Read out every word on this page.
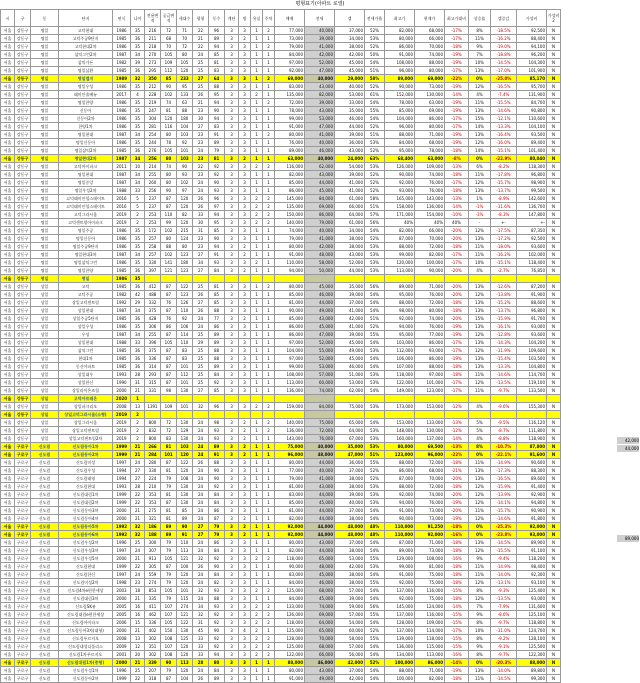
평형표기(아파트 로열)
시	구	동	단지	연식	나이	전용면적	공급면적	세대수	평형	동수	계단	방	욕실	주차	매매	전세	갭	전세가율	최고가	현재가	최고가대비	상승률	갭증감	가성비	가성비2
서울	강동구	명일	고덕현대	1986	35	216	72	71	22	96	3	3	1	2	77,000	40,000	37,000	52%	82,000	68,000	-17%	8%	-18.5%	92,500	N
서울	강동구	명일	고덕주공9단지	1985	36	211	68	70	21	89	3	2	1	1	73,000	39,000	34,000	53%	80,000	66,000	-17%	11%	-16.2%	88,400	N
서울	강동구	명일	고덕현대2차	1986	35	218	70	72	22	94	3	3	1	2	79,000	41,000	38,000	52%	86,000	70,000	-18%	9%	-19.0%	94,100	N
서울	강동구	명일	삼익그린2차	1987	34	270	105	80	24	85	3	3	1	1	84,000	42,000	42,000	50%	91,000	74,000	-19%	7%	-18.8%	96,200	N
서울	강동구	명일	삼익가든	1982	39	273	109	105	25	81	3	3	1	1	97,000	52,000	45,000	54%	108,000	88,000	-19%	10%	-14.5%	104,300	N
서울	강동구	명일	명일삼환	1985	36	295	112	120	25	83	3	3	1	1	92,000	47,000	45,000	51%	96,000	80,000	-17%	13%	-17.0%	101,900	N
서울	강동구	명일	명일엘지	1989	32	350	85	233	27	64	3	3	1	2	69,000	40,000	29,000	58%	89,000	69,000	-22%	0%	-25.0%	85,170	N
서울	강동구	명일	명일우성	1986	35	212	90	95	25	88	3	3	1	1	83,000	43,000	40,000	52%	90,000	73,000	-19%	12%	-16.5%	95,700	N
서울	강동구	명일	래미안솔베뉴	2017	4	228	102	133	26	95	3	3	2	1	135,000	82,000	53,000	61%	152,000	130,000	-14%	4%	-7.4%	131,900	N
서울	강동구	명일	명일한양	1986	35	219	74	63	21	94	3	3	1	2	72,000	39,000	33,000	54%	78,000	63,000	-19%	11%	-15.5%	84,700	N
서울	강동구	명일	신동아	1986	35	247	81	88	23	90	3	3	1	1	78,000	43,000	35,000	55%	85,000	69,000	-19%	13%	-14.6%	90,800	N
서울	강동구	명일	신동아2차	1986	35	304	120	180	30	94	3	3	1	1	99,000	53,000	46,000	54%	104,000	86,000	-17%	15%	-12.1%	110,600	N
서울	강동구	명일	한양1차	1986	35	281	116	104	27	83	3	3	1	1	91,000	47,000	44,000	52%	96,000	80,000	-17%	14%	-13.3%	104,100	N
서울	강동구	명일	명일현대	1987	34	254	80	103	23	91	3	3	1	2	80,000	41,000	39,000	51%	88,000	71,000	-19%	13%	-16.4%	93,500	N
서울	강동구	명일	명일신동아	1986	35	244	78	92	23	89	3	3	1	1	76,000	40,000	36,000	53%	84,000	68,000	-19%	12%	-16.0%	89,400	N
서울	강동구	명일	명일삼익2차	1985	36	276	105	101	24	79	3	3	1	1	89,000	46,000	43,000	52%	95,000	78,000	-18%	14%	-15.1%	101,400	N
서울	강동구	명일	명일현대2차	1987	34	256	80	103	23	81	3	2	1	1	63,000	40,000	24,000	63%	68,400	63,000	-8%	0%	-22.9%	80,040	N
서울	강동구	명일	고덕아이파크	2011	10	214	74	90	22	92	3	3	2	2	116,000	62,000	54,000	53%	126,000	109,000	-13%	6%	-8.2%	118,300	N
서울	강동구	명일	명일현대	1987	34	255	80	93	23	92	3	3	1	1	82,000	43,000	39,000	52%	90,000	74,000	-18%	11%	-17.8%	96,800	N
서울	강동구	명일	명일중앙	1987	34	260	80	102	24	90	3	3	1	1	85,000	44,000	41,000	52%	92,000	76,000	-17%	12%	-15.7%	98,900	N
서울	강동구	명일	명일우성2차	1988	33	256	90	97	24	93	3	3	1	1	86,000	45,000	41,000	52%	93,000	76,000	-18%	13%	-13.7%	99,500	N
서울	강동구	명일	고덕래미안힐스테이트	2016	5	237	87	120	26	96	3	3	2	2	145,000	84,000	61,000	58%	165,000	143,000	-13%	1%	-8.9%	142,600	N
서울	강동구	명일	고덕래미안힐스테이트	2016	5	237	87	120	26	97	3	3	2	2	135,000	69,000	66,000	51%	158,000	136,000	-14%	-1%	-11.6%	136,700	N
서울	강동구	명일	고덕그라시움	2019	2	253	110	82	33	94	3	3	2	2	150,000	86,000	64,000	57%	171,000	154,000	-10%	-3%	-8.3%	147,800	N
서울	강동구	명일	고덕센트럴아이파크	2019	2	253	99	120	30	95	3	3	2	2	140,000	79,000	61,000	56%	40%	40%	40%	-	+-	+-	N
서울	강동구	명일	명일주공	1986	35	172	102	215	31	85	3	3	1	1	74,000	40,000	34,000	54%	82,000	66,000	-20%	12%	-17.5%	87,350	N
서울	강동구	명일	명일신동아	1986	35	257	80	124	23	90	3	3	1	1	79,000	41,000	38,000	52%	87,000	70,000	-20%	13%	-17.2%	92,500	N
서울	강동구	명일	명일주공9단지	1986	35	258	88	80	23	94	3	2	1	1	80,000	42,000	38,000	53%	88,000	72,000	-18%	11%	-18.0%	93,600	N
서울	강동구	명일	명일현대3차	1987	34	257	102	123	27	91	3	2	1	1	91,000	48,000	43,000	53%	99,000	82,000	-17%	11%	-16.2%	102,000	N
서울	강동구	명일	명일삼익그린	1986	35	330	141	180	34	93	3	3	2	1	110,000	58,000	52,000	53%	120,000	100,000	-17%	10%	-15.1%	118,400	N
서울	강동구	명일	명일한양	1985	36	397	121	123	27	84	3	2	1	1	94,000	50,000	44,000	53%	113,000	90,000	-20%	4%	-2.7%	76,850	N
서울	강동구	명일	명일	1986	35																				
서울	강동구	상일	고덕	1985	36	412	87	122	25	81	3	3	1	2	80,000	45,000	35,000	56%	89,000	71,000	-20%	13%	-12.6%	87,200	N
서울	강동구	상일	고덕주공	1982	42	488	87	123	26	85	3	3	1	1	85,000	46,000	39,000	54%	95,000	76,000	-20%	12%	-13.8%	91,900	N
서울	강동구	상일	상일고덕센트럴	1992	29	332	76	126	27	85	3	3	1	1	81,000	44,000	37,000	54%	88,000	72,000	-18%	13%	-15.2%	88,600	N
서울	강동구	상일	상일현대	1987	34	375	87	110	26	88	3	3	1	1	90,000	49,000	41,000	54%	98,000	80,000	-18%	13%	-13.7%	96,800	N
서울	강동구	상일	상일주공5단지	1985	36	428	76	92	24	77	3	2	1	1	85,000	43,000	42,000	51%	92,000	74,000	-20%	15%	-15.9%	91,700	N
서울	강동구	상일	상일우성	1986	35	306	86	106	24	86	3	3	1	1	86,000	45,000	41,000	52%	94,000	76,000	-19%	13%	-16.1%	93,000	N
서울	강동구	상일	우성	1987	34	255	87	114	25	89	3	3	1	1	86,000	47,000	39,000	55%	95,000	77,000	-19%	12%	-12.8%	93,600	N
서울	강동구	상일	상일현대	1988	33	396	105	110	29	89	3	3	1	1	97,000	52,000	45,000	54%	103,000	86,000	-17%	13%	-14.3%	104,200	N
서울	강동구	상일	삼익그린	1985	36	375	87	83	25	88	3	3	1	1	104,000	55,000	49,000	53%	112,000	93,000	-17%	12%	-11.9%	109,600	N
서울	강동구	상일	현대1차	1985	36	336	87	83	25	88	3	3	1	1	97,000	52,000	45,000	54%	106,000	86,000	-19%	13%	-15.4%	103,500	N
서울	강동구	상일	동신아파트	1985	36	314	87	101	25	89	3	3	1	1	99,000	53,000	46,000	54%	107,000	88,000	-18%	13%	-13.3%	104,800	N
서울	강동구	상일	상일대우	1993	28	293	87	112	25	84	3	3	1	1	108,000	57,000	51,000	53%	118,000	97,000	-18%	11%	-14.6%	114,700	N
서울	강동구	상일	상일한신	1990	31	315	87	101	25	92	3	3	1	1	113,000	60,000	53,000	53%	122,000	101,000	-17%	12%	-13.5%	119,100	N
서울	강동구	상일	상일라이온즈힐	2000	21	331	98	130	27	85	3	3	1	1	136,000	74,000	62,000	54%	149,000	123,000	-17%	11%	-9.7%	133,500	N
서울	강동구	상일	고덕아르테온	2020	1																				
서울	강동구	상일	상일파크리오	2008	13	1391	109	101	32	96	3	3	2	2	159,000	84,000	75,000	53%	173,000	153,000	-12%	4%	-9.6%	155,300	N
서울	강동구	상일	상일고덕그라시움(소형)	2019	2																				
서울	강동구	상일	상일그라시움	2019	2	800	72	130	24	98	3	2	1	2	140,000	75,000	65,000	54%	153,000	133,000	-13%	5%	-9.5%	116,120	N
서울	강동구	상일	상일고덕센트럴	2019	2	832	72	129	24	93	3	2	1	2	136,000	72,000	64,000	53%	148,000	130,000	-12%	5%	-8.7%	111,800	N
서울	강동구	상일	상일고덕센트럴2차	2019	2	800	83	130	24	93	3	2	1	1	143,000	76,000	67,000	53%	160,000	137,000	-14%	4%	-8.8%	118,900	N
서울	구로구	신도림	신도림동아1차	1999	21	266	81	103	24	89	3	2	1	1	75,000	40,000	35,000	53%	80,000	69,500	-13%	8%	-10.7%	87,800	N
서울	구로구	신도림	신도림동아2차	1999	21	284	101	120	24	91	3	2	1	1	96,000	48,000	47,000	51%	123,000	96,000	-22%	0%	-22.1%	91,600	N
서울	구로구	신도림	신도림미성	1997	24	280	87	122	26	88	3	3	1	1	80,000	44,000	36,000	55%	88,000	72,000	-18%	11%	-14.9%	90,600	N
서울	구로구	신도림	신도림우성	1994	27	330	81	120	24	90	3	3	1	1	77,000	40,000	37,000	52%	86,000	68,000	-21%	13%	-17.3%	88,300	N
서울	구로구	신도림	신도림태영	1994	27	224	79	108	24	90	3	3	1	1	79,000	41,000	38,000	52%	87,000	70,000	-20%	13%	-16.5%	89,600	N
서울	구로구	신도림	신도림현대	1993	28	210	79	130	24	92	3	3	1	1	81,000	43,000	38,000	53%	88,000	72,000	-18%	12%	-15.9%	91,400	N
서울	구로구	신도림	신도림대림1차	1999	22	353	81	130	24	84	3	3	1	1	83,000	44,000	39,000	53%	92,000	74,000	-20%	12%	-13.9%	92,900	N
서울	구로구	신도림	신도림대림2차	1999	22	353	87	130	24	84	3	3	1	1	85,000	45,000	40,000	53%	94,000	76,000	-19%	12%	-14.1%	94,800	N
서울	구로구	신도림	신도림동아3차	2000	21	275	81	85	24	86	3	3	1	1	81,000	44,000	37,000	54%	91,000	73,000	-20%	11%	-15.7%	90,900	N
서울	구로구	신도림	신도림동아4차	2000	21	321	81	89	24	87	3	2	1	1	82,000	44,000	38,000	54%	90,000	73,000	-19%	12%	-14.6%	91,800	N
서울	구로구	신도림	신도림동아5차	1992	32	186	89	90	27	79	3	2	1	1	92,000	44,000	48,000	48%	110,000	91,250	-18%	0%	-25.3%	92,000	N
서울	구로구	신도림	신도림동아6차	1992	32	188	89	91	27	79	3	2	1	1	92,000	44,000	48,000	48%	110,000	92,000	-16%	0%	-23.8%	93,000	N
서울	구로구	신도림	신도림우성2차	1996	25	300	79	110	24	86	3	3	1	1	80,000	43,000	37,000	54%	87,000	71,000	-18%	13%	-14.5%	89,900	N
서울	구로구	신도림	신도림우성3차	1997	24	307	79	113	24	84	3	3	1	1	82,000	44,000	38,000	54%	89,000	73,000	-18%	12%	-15.5%	91,100	N
서울	구로구	신도림	신도림우성5차	2000	21	913	105	121	32	92	3	3	2	2	118,000	65,000	53,000	55%	129,000	108,000	-16%	9%	-9.4%	118,200	N
서울	구로구	신도림	신도림현대	1999	22	305	87	100	26	90	3	3	1	1	90,000	48,000	42,000	53%	99,000	81,000	-18%	11%	-14.9%	98,400	N
서울	구로구	신도림	신도림한신	1997	24	559	79	120	24	84	3	3	1	1	83,000	45,000	38,000	54%	91,000	75,000	-18%	11%	-14.0%	92,300	N
서울	구로구	신도림	신도림미성2차	1998	23	274	79	120	24	82	3	3	1	1	84,000	46,000	38,000	55%	92,000	75,000	-18%	12%	-13.1%	93,100	N
서울	구로구	신도림	신도림4차e편한세상	2003	18	853	105	101	32	93	3	3	2	2	125,000	68,000	57,000	54%	137,000	116,000	-15%	8%	-9.3%	125,400	N
서울	구로구	신도림	신도림대림3차	2000	21	335	79	115	24	88	3	3	1	1	84,000	45,000	39,000	54%	92,000	75,000	-18%	12%	-13.5%	93,000	N
서울	구로구	신도림	신도림SK뷰	2005	16	411	107	274	34	93	3	3	2	2	133,000	74,000	59,000	56%	145,000	124,000	-14%	7%	-7.9%	131,600	N
서울	구로구	신도림	신도림대림e편한세상	2005	16	462	107	121	32	92	3	3	2	2	126,000	69,000	57,000	55%	137,000	116,000	-15%	9%	-8.6%	125,100	N
서울	구로구	신도림	신도림아이파크	2006	15	336	105	122	31	92	3	3	2	2	118,000	64,000	54,000	54%	128,000	109,000	-15%	8%	-9.7%	118,800	N
서울	구로구	신도림	신도림동아3차(대형)	2000	21	402	150	130	45	90	3	4	2	1	125,000	65,000	60,000	52%	137,000	114,000	-17%	10%	-11.0%	124,700	N
서울	구로구	신도림	신도림푸르지오	2008	13	302	108	125	33	92	3	3	2	2	128,000	70,000	58,000	55%	139,000	118,000	-15%	8%	-9.2%	128,100	N
서울	구로구	신도림	신도림대성디폴리스	2009	12	351	107	120	33	92	3	3	2	2	125,000	68,000	57,000	54%	136,000	115,000	-15%	9%	-9.1%	125,500	N
서울	구로구	신도림	신도림1차푸르지오	2001	20	302	108	120	33	94	3	3	2	2	122,000	66,000	56,000	54%	134,000	113,000	-16%	8%	-9.7%	122,300	N
서울	구로구	신도림	신도림대림1차(중형)	2000	21	339	90	113	28	80	3	3	1	1	88,000	46,000	42,000	52%	100,000	86,000	-14%	0%	-20.3%	88,000	N
서울	구로구	신도림	신도림우성1차	1996	25	207	79	120	24	84	3	3	1	1	80,000	43,000	37,000	54%	88,000	71,000	-19%	13%	-14.0%	89,800	N
서울	구로구	신도림	신도림동아2차	1999	22	318	87	104	26	89	3	3	1	1	91,000	49,000	42,000	54%	100,000	82,000	-18%	11%	-14.5%	99,300	N
42,000
44,000
89,000
